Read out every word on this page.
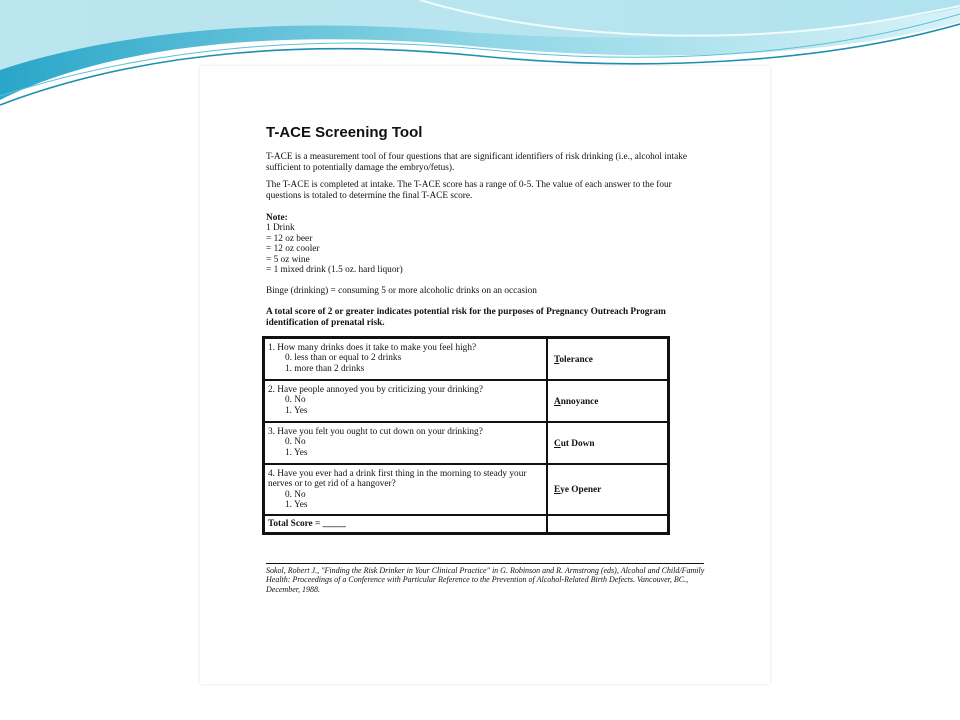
T-ACE Screening Tool

T-ACE is a measurement tool of four questions that are significant identifiers of risk drinking (i.e., alcohol intake sufficient to potentially damage the embryo/fetus).

The T-ACE is completed at intake. The T-ACE score has a range of 0-5. The value of each answer to the four questions is totaled to determine the final T-ACE score.

Note:
1 Drink
= 12 oz beer
= 12 oz cooler
= 5 oz wine
= 1 mixed drink (1.5 oz. hard liquor)

Binge (drinking) = consuming 5 or more alcoholic drinks on an occasion

A total score of 2 or greater indicates potential risk for the purposes of Pregnancy Outreach Program identification of prenatal risk.

1. How many drinks does it take to make you feel high?
0. less than or equal to 2 drinks
1. more than 2 drinks	Tolerance

2. Have people annoyed you by criticizing your drinking?
0. No
1. Yes	Annoyance

3. Have you felt you ought to cut down on your drinking?
0. No
1. Yes	Cut Down

4. Have you ever had a drink first thing in the morning to steady your nerves or to get rid of a hangover?
0. No
1. Yes	Eye Opener
Total Score = _____	

Sokol, Robert J., "Finding the Risk Drinker in Your Clinical Practice" in G. Robinson and R. Armstrong (eds), Alcohol and Child/Family Health: Proceedings of a Conference with Particular Reference to the Prevention of Alcohol-Related Birth Defects. Vancouver, BC., December, 1988.
